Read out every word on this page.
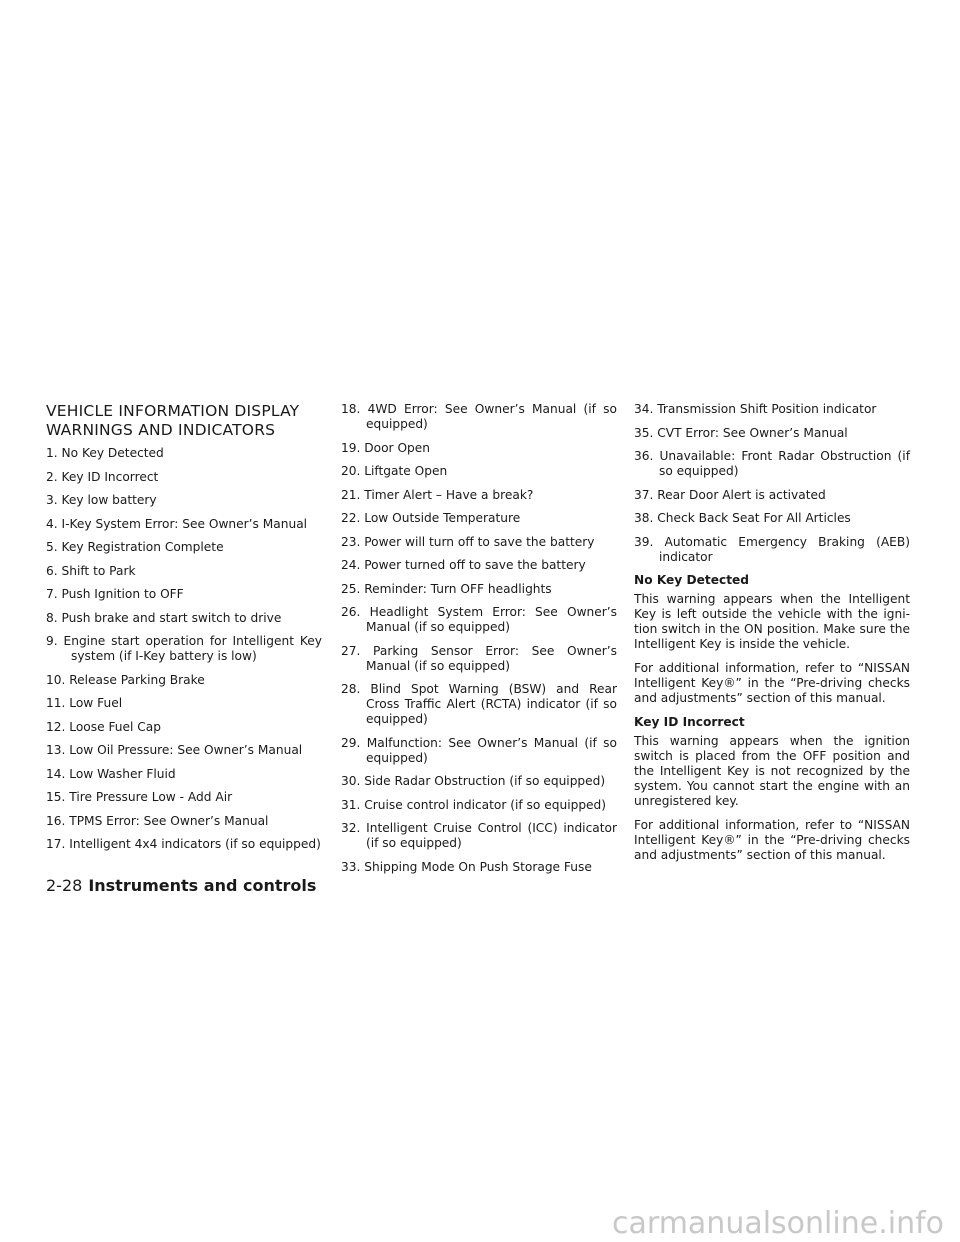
VEHICLE INFORMATION DISPLAY WARNINGS AND INDICATORS
1. No Key Detected
2. Key ID Incorrect
3. Key low battery
4. I-Key System Error: See Owner’s Manual
5. Key Registration Complete
6. Shift to Park
7. Push Ignition to OFF
8. Push brake and start switch to drive
9. Engine start operation for Intelligent Key system (if I-Key battery is low)
10. Release Parking Brake
11. Low Fuel
12. Loose Fuel Cap
13. Low Oil Pressure: See Owner’s Manual
14. Low Washer Fluid
15. Tire Pressure Low - Add Air
16. TPMS Error: See Owner’s Manual
17. Intelligent 4x4 indicators (if so equipped)
18. 4WD Error: See Owner’s Manual (if so equipped)
19. Door Open
20. Liftgate Open
21. Timer Alert – Have a break?
22. Low Outside Temperature
23. Power will turn off to save the battery
24. Power turned off to save the battery
25. Reminder: Turn OFF headlights
26. Headlight System Error: See Owner’s Manual (if so equipped)
27. Parking Sensor Error: See Owner’s Manual (if so equipped)
28. Blind Spot Warning (BSW) and Rear Cross Traffic Alert (RCTA) indicator (if so equipped)
29. Malfunction: See Owner’s Manual (if so equipped)
30. Side Radar Obstruction (if so equipped)
31. Cruise control indicator (if so equipped)
32. Intelligent Cruise Control (ICC) indicator (if so equipped)
33. Shipping Mode On Push Storage Fuse
34. Transmission Shift Position indicator
35. CVT Error: See Owner’s Manual
36. Unavailable: Front Radar Obstruction (if so equipped)
37. Rear Door Alert is activated
38. Check Back Seat For All Articles
39. Automatic Emergency Braking (AEB) indicator
No Key Detected

This warning appears when the Intelligent Key is left outside the vehicle with the igni-tion switch in the ON position. Make sure the Intelligent Key is inside the vehicle.

For additional information, refer to “NISSAN Intelligent Key®” in the “Pre-driving checks and adjustments” section of this manual.

Key ID Incorrect

This warning appears when the ignition switch is placed from the OFF position and the Intelligent Key is not recognized by the system. You cannot start the engine with an unregistered key.

For additional information, refer to “NISSAN Intelligent Key®” in the “Pre-driving checks and adjustments” section of this manual.

2-28 Instruments and controls
carmanualsonline.info
